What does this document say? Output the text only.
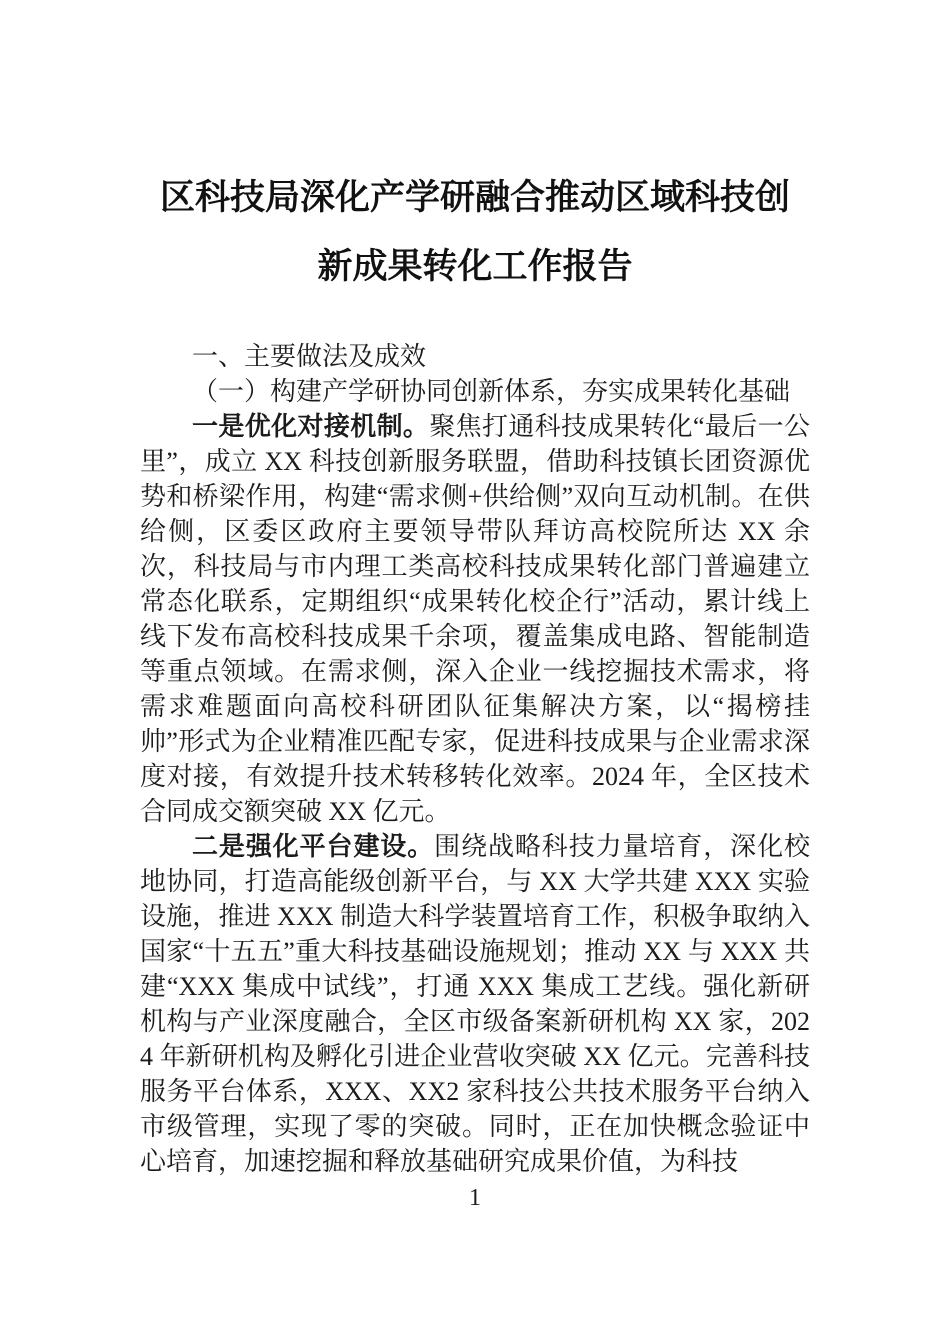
区科技局深化产学研融合推动区域科技创
新成果转化工作报告

一、主要做法及成效

（一）构建产学研协同创新体系，夯实成果转化基础

一是优化对接机制。聚焦打通科技成果转化“最后一公里”，成立 XX 科技创新服务联盟，借助科技镇长团资源优势和桥梁作用，构建“需求侧+供给侧”双向互动机制。在供给侧，区委区政府主要领导带队拜访高校院所达 XX 余次，科技局与市内理工类高校科技成果转化部门普遍建立常态化联系，定期组织“成果转化校企行”活动，累计线上线下发布高校科技成果千余项，覆盖集成电路、智能制造等重点领域。在需求侧，深入企业一线挖掘技术需求，将需求难题面向高校科研团队征集解决方案，以“揭榜挂帅”形式为企业精准匹配专家，促进科技成果与企业需求深度对接，有效提升技术转移转化效率。2024 年，全区技术合同成交额突破 XX 亿元。

二是强化平台建设。围绕战略科技力量培育，深化校地协同，打造高能级创新平台，与 XX 大学共建 XXX 实验设施，推进 XXX 制造大科学装置培育工作，积极争取纳入国家“十五五”重大科技基础设施规划；推动 XX 与 XXX 共建“XXX 集成中试线”，打通 XXX 集成工艺线。强化新研机构与产业深度融合，全区市级备案新研机构 XX 家，2024 年新研机构及孵化引进企业营收突破 XX 亿元。完善科技服务平台体系，XXX、XX2 家科技公共技术服务平台纳入市级管理，实现了零的突破。同时，正在加快概念验证中心培育，加速挖掘和释放基础研究成果价值，为科技

1
